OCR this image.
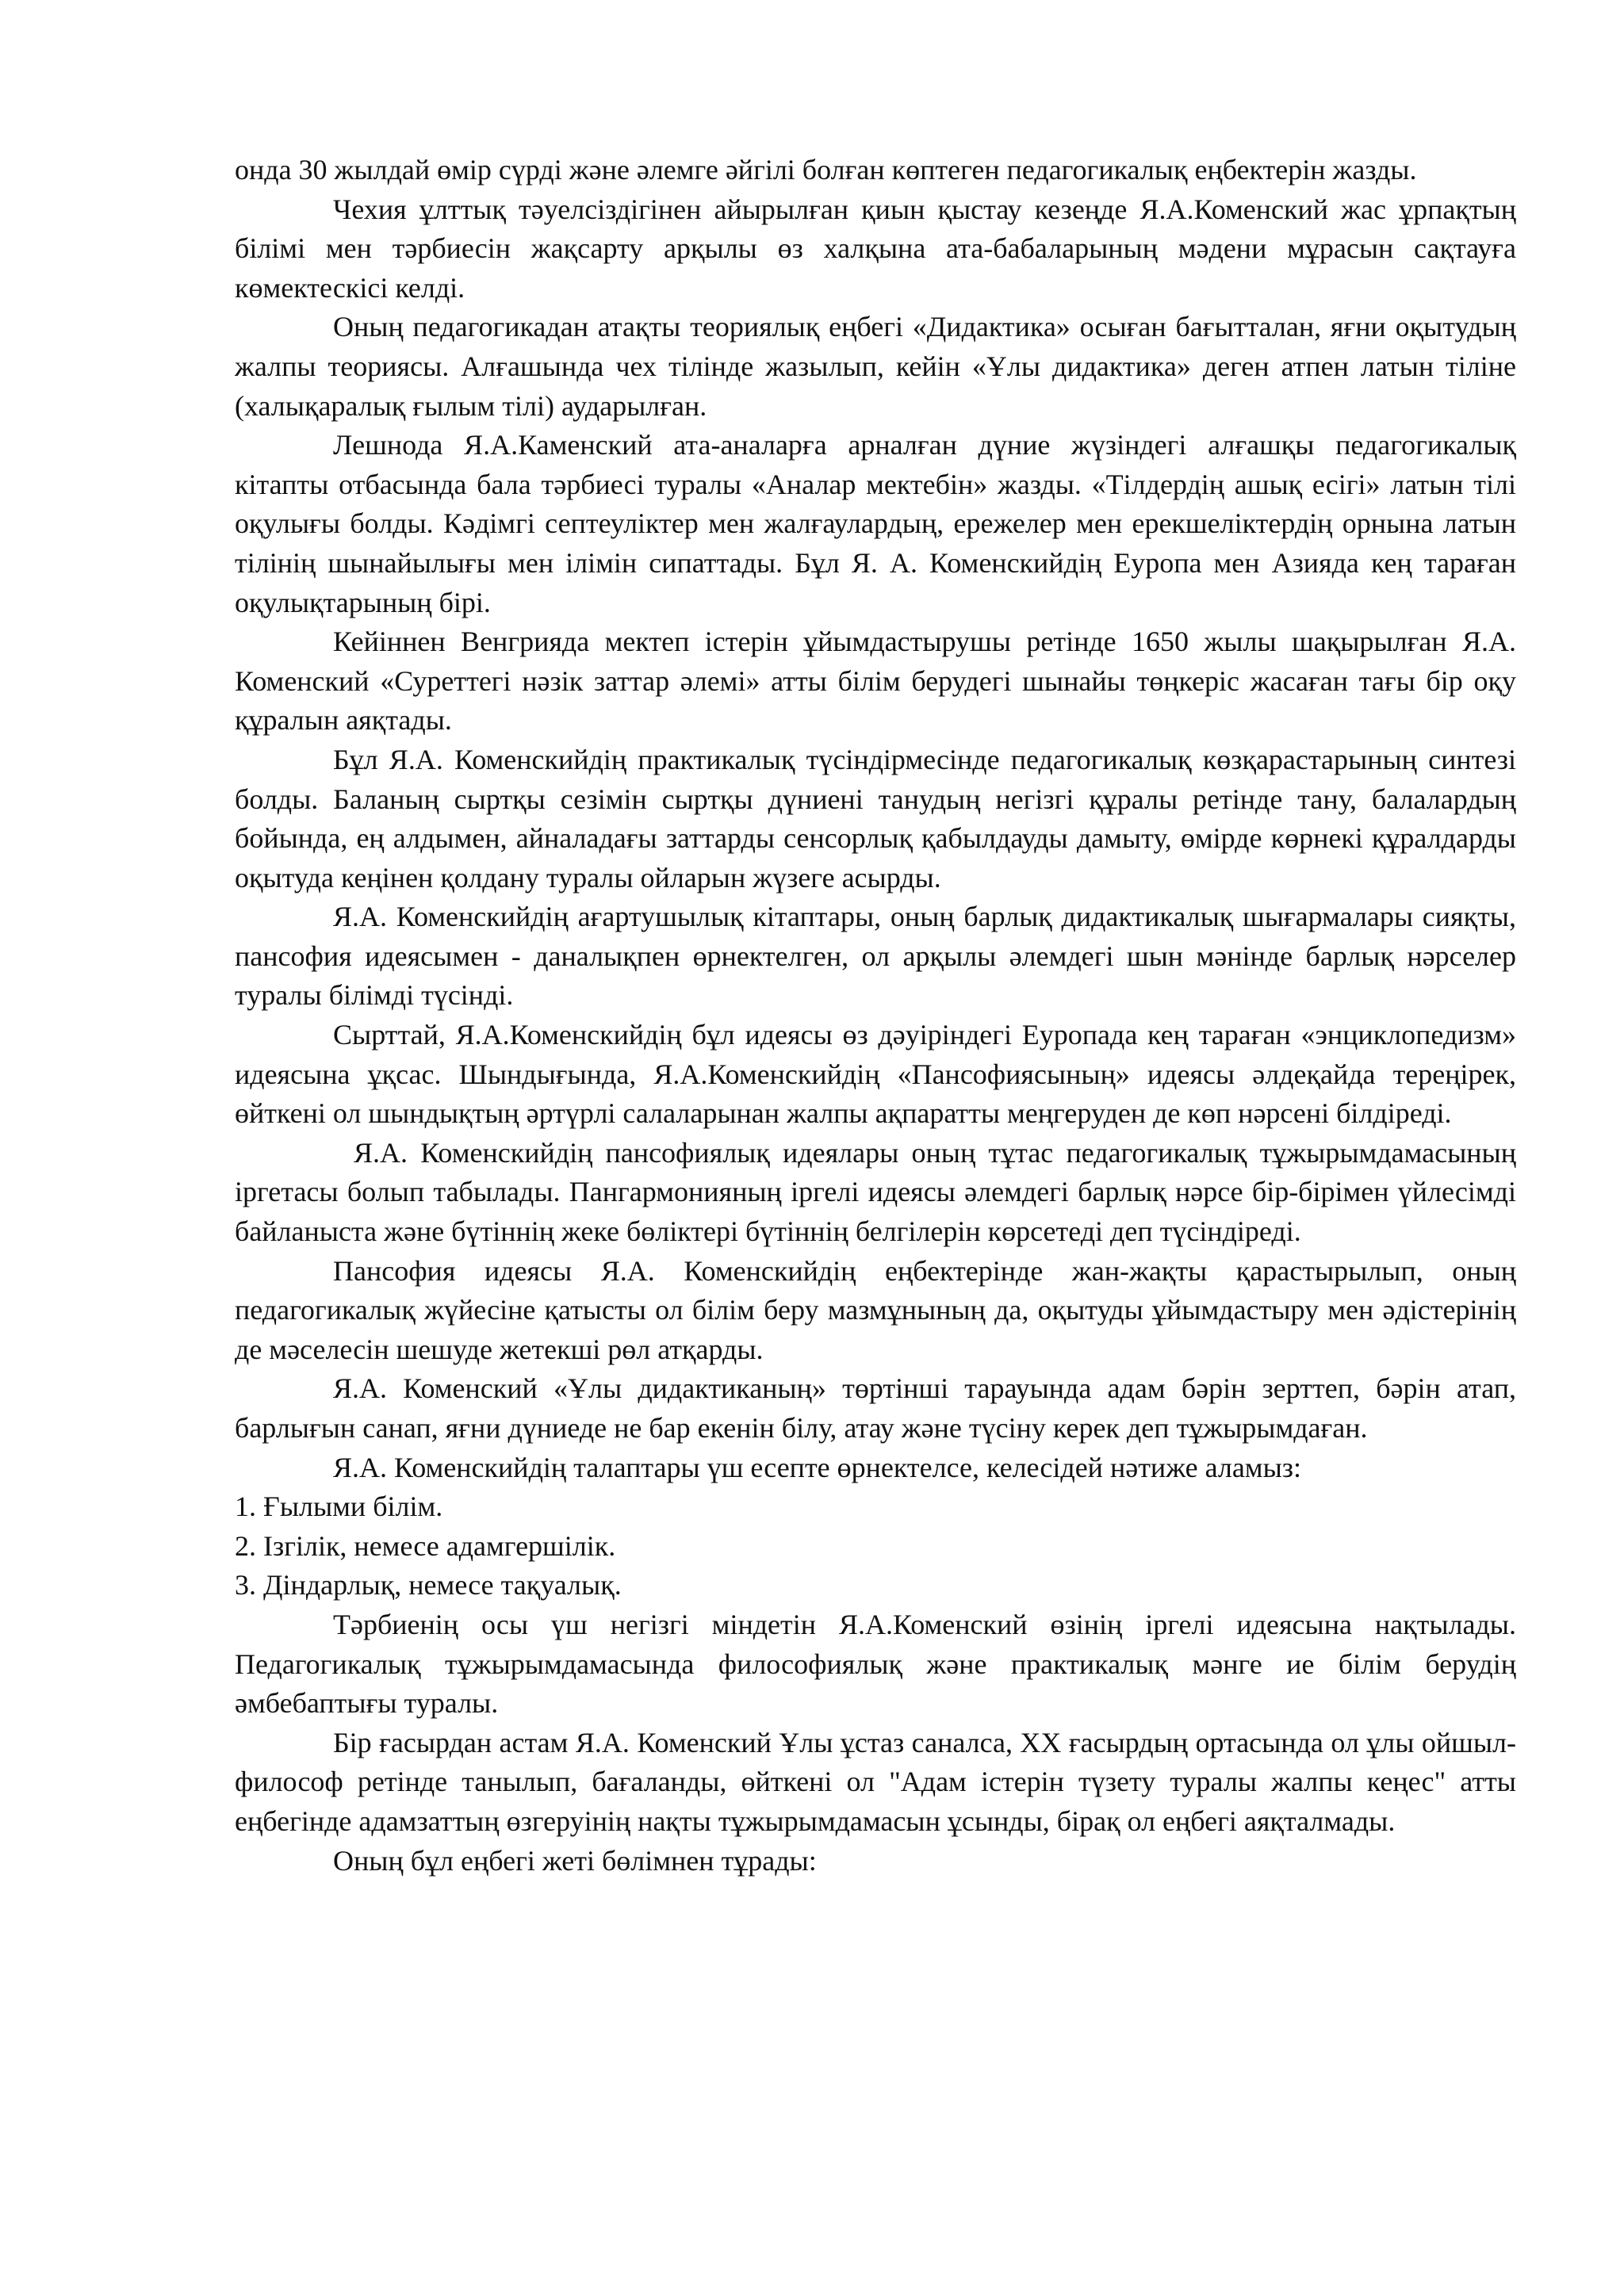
онда 30 жылдай өмір сүрді және әлемге әйгілі болған көптеген педагогикалық еңбектерін жазды.

Чехия ұлттық тәуелсіздігінен айырылған қиын қыстау кезеңде Я.А.Коменский жас ұрпақтың білімі мен тәрбиесін жақсарту арқылы өз халқына ата-бабаларының мәдени мұрасын сақтауға көмектескісі келді.

Оның педагогикадан атақты теориялық еңбегі «Дидактика» осыған бағытталан, яғни оқытудың жалпы теориясы. Алғашында чех тілінде жазылып, кейін «Ұлы дидактика» деген атпен латын тіліне (халықаралық ғылым тілі) аударылған.

Лешнода Я.А.Каменский ата-аналарға арналған дүние жүзіндегі алғашқы педагогикалық кітапты отбасында бала тәрбиесі туралы «Аналар мектебін» жазды. «Тілдердің ашық есігі» латын тілі оқулығы болды. Кәдімгі септеуліктер мен жалғаулардың, ережелер мен ерекшеліктердің орнына латын тілінің шынайылығы мен ілімін сипаттады. Бұл Я. А. Коменскийдің Еуропа мен Азияда кең тараған оқулықтарының бірі.

Кейіннен Венгрияда мектеп істерін ұйымдастырушы ретінде 1650 жылы шақырылған Я.А. Коменский «Суреттегі нәзік заттар әлемі» атты білім берудегі шынайы төңкеріс жасаған тағы бір оқу құралын аяқтады.

Бұл Я.А. Коменскийдің практикалық түсіндірмесінде педагогикалық көзқарастарының синтезі болды. Баланың сыртқы сезімін сыртқы дүниені танудың негізгі құралы ретінде тану, балалардың бойында, ең алдымен, айналадағы заттарды сенсорлық қабылдауды дамыту, өмірде көрнекі құралдарды оқытуда кеңінен қолдану туралы ойларын жүзеге асырды.

Я.А. Коменскийдің ағартушылық кітаптары, оның барлық дидактикалық шығармалары сияқты, пансофия идеясымен - даналықпен өрнектелген, ол арқылы әлемдегі шын мәнінде барлық нәрселер туралы білімді түсінді.

Сырттай, Я.А.Коменскийдің бұл идеясы өз дәуіріндегі Еуропада кең тараған «энциклопедизм» идеясына ұқсас. Шындығында, Я.А.Коменскийдің «Пансофиясының» идеясы әлдеқайда тереңірек, өйткені ол шындықтың әртүрлі салаларынан жалпы ақпаратты меңгеруден де көп нәрсені білдіреді.

Я.А. Коменскийдің пансофиялық идеялары оның тұтас педагогикалық тұжырымдамасының іргетасы болып табылады. Пангармонияның іргелі идеясы әлемдегі барлық нәрсе бір-бірімен үйлесімді байланыста және бүтіннің жеке бөліктері бүтіннің белгілерін көрсетеді деп түсіндіреді.

Пансофия идеясы Я.А. Коменскийдің еңбектерінде жан-жақты қарастырылып, оның педагогикалық жүйесіне қатысты ол білім беру мазмұнының да, оқытуды ұйымдастыру мен әдістерінің де мәселесін шешуде жетекші рөл атқарды.

Я.А. Коменский «Ұлы дидактиканың» төртінші тарауында адам бәрін зерттеп, бәрін атап, барлығын санап, яғни дүниеде не бар екенін білу, атау және түсіну керек деп тұжырымдаған.

Я.А. Коменскийдің талаптары үш есепте өрнектелсе, келесідей нәтиже аламыз:

1. Ғылыми білім.

2. Ізгілік, немесе адамгершілік.

3. Діндарлық, немесе тақуалық.

Тәрбиенің осы үш негізгі міндетін Я.А.Коменский өзінің іргелі идеясына нақтылады. Педагогикалық тұжырымдамасында философиялық және практикалық мәнге ие білім берудің әмбебаптығы туралы.

Бір ғасырдан астам Я.А. Коменский Ұлы ұстаз саналса, XX ғасырдың ортасында ол ұлы ойшыл-философ ретінде танылып, бағаланды, өйткені ол "Адам істерін түзету туралы жалпы кеңес" атты еңбегінде адамзаттың өзгеруінің нақты тұжырымдамасын ұсынды, бірақ ол еңбегі аяқталмады.

Оның бұл еңбегі жеті бөлімнен тұрады:
